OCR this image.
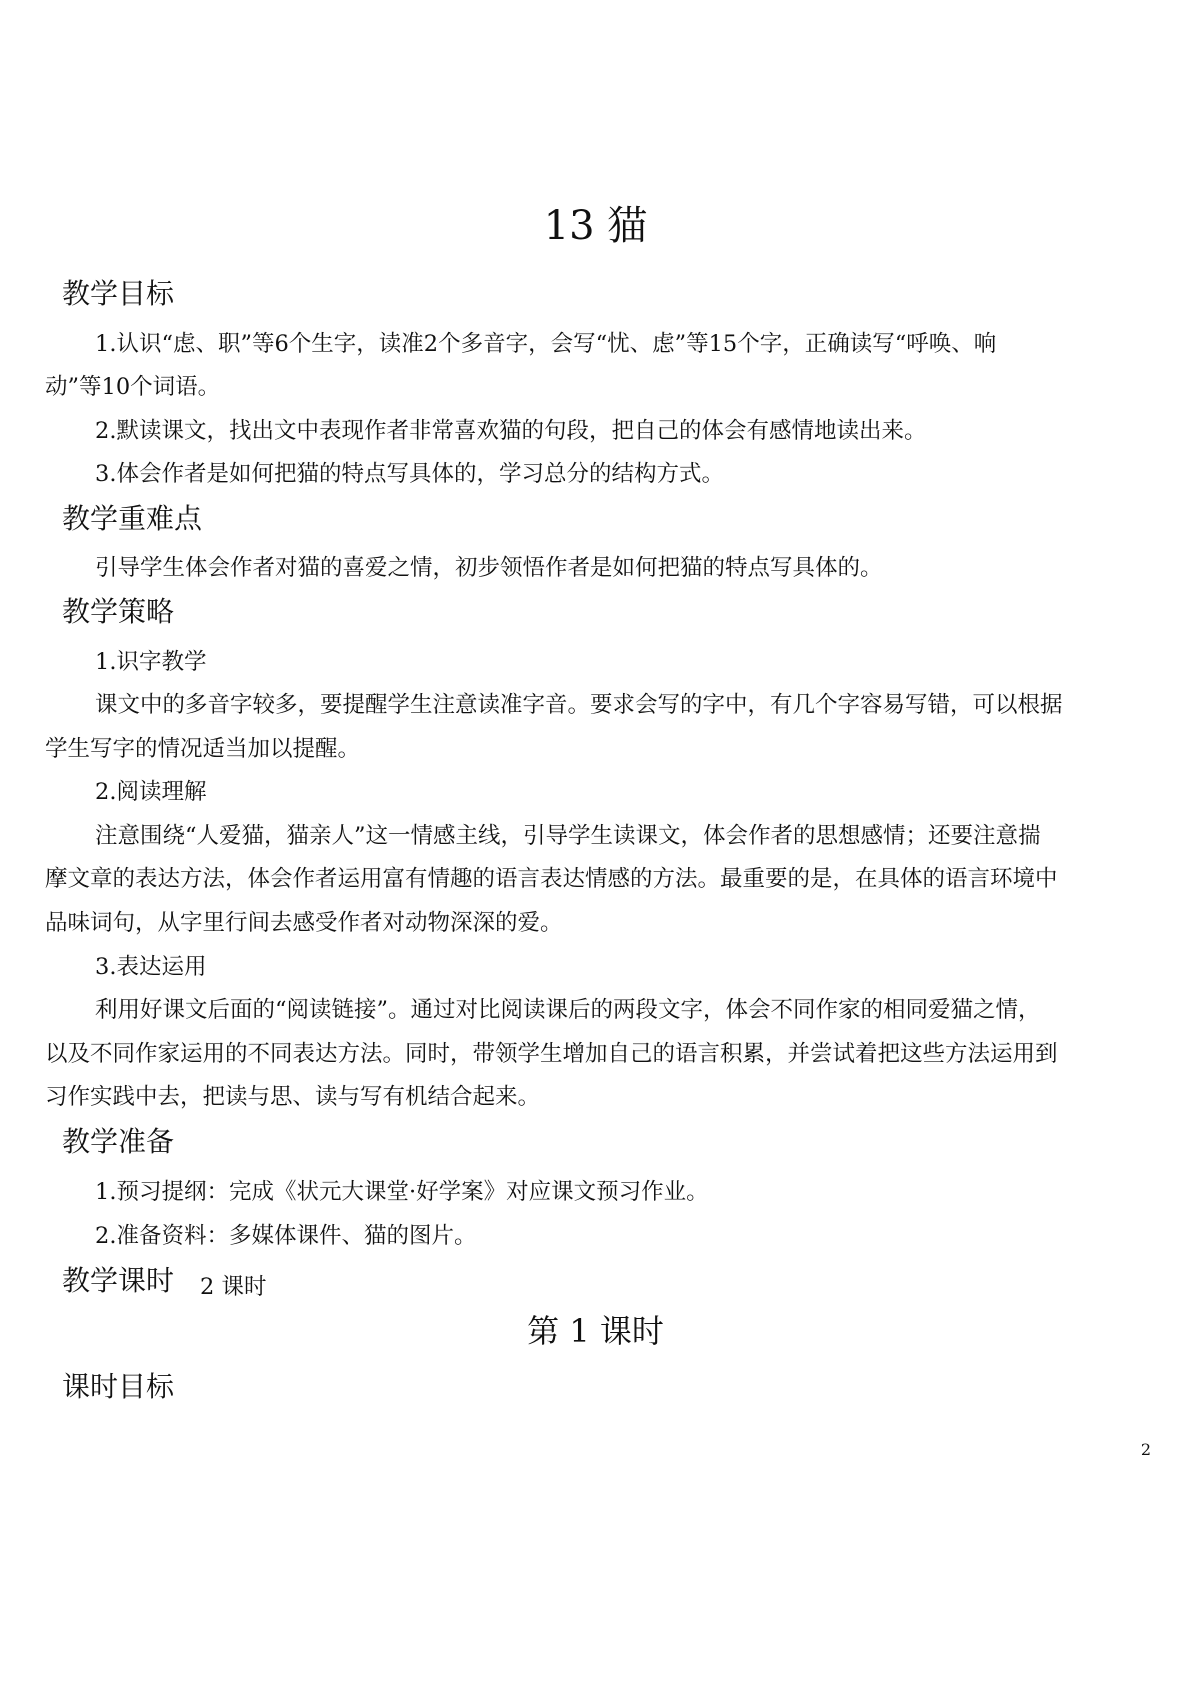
13 猫
教学目标
1.认识“虑、职”等6个生字，读准2个多音字，会写“忧、虑”等15个字，正确读写“呼唤、响
动”等10个词语。
2.默读课文，找出文中表现作者非常喜欢猫的句段，把自己的体会有感情地读出来。
3.体会作者是如何把猫的特点写具体的，学习总分的结构方式。
教学重难点
引导学生体会作者对猫的喜爱之情，初步领悟作者是如何把猫的特点写具体的。
教学策略
1.识字教学
课文中的多音字较多，要提醒学生注意读准字音。要求会写的字中，有几个字容易写错，可以根据
学生写字的情况适当加以提醒。
2.阅读理解
注意围绕“人爱猫，猫亲人”这一情感主线，引导学生读课文，体会作者的思想感情；还要注意揣
摩文章的表达方法，体会作者运用富有情趣的语言表达情感的方法。最重要的是，在具体的语言环境中
品味词句，从字里行间去感受作者对动物深深的爱。
3.表达运用
利用好课文后面的“阅读链接”。通过对比阅读课后的两段文字，体会不同作家的相同爱猫之情，
以及不同作家运用的不同表达方法。同时，带领学生增加自己的语言积累，并尝试着把这些方法运用到
习作实践中去，把读与思、读与写有机结合起来。
教学准备
1.预习提纲：完成《状元大课堂·好学案》对应课文预习作业。
2.准备资料：多媒体课件、猫的图片。
教学课时 2 课时
第 1 课时
课时目标
2
